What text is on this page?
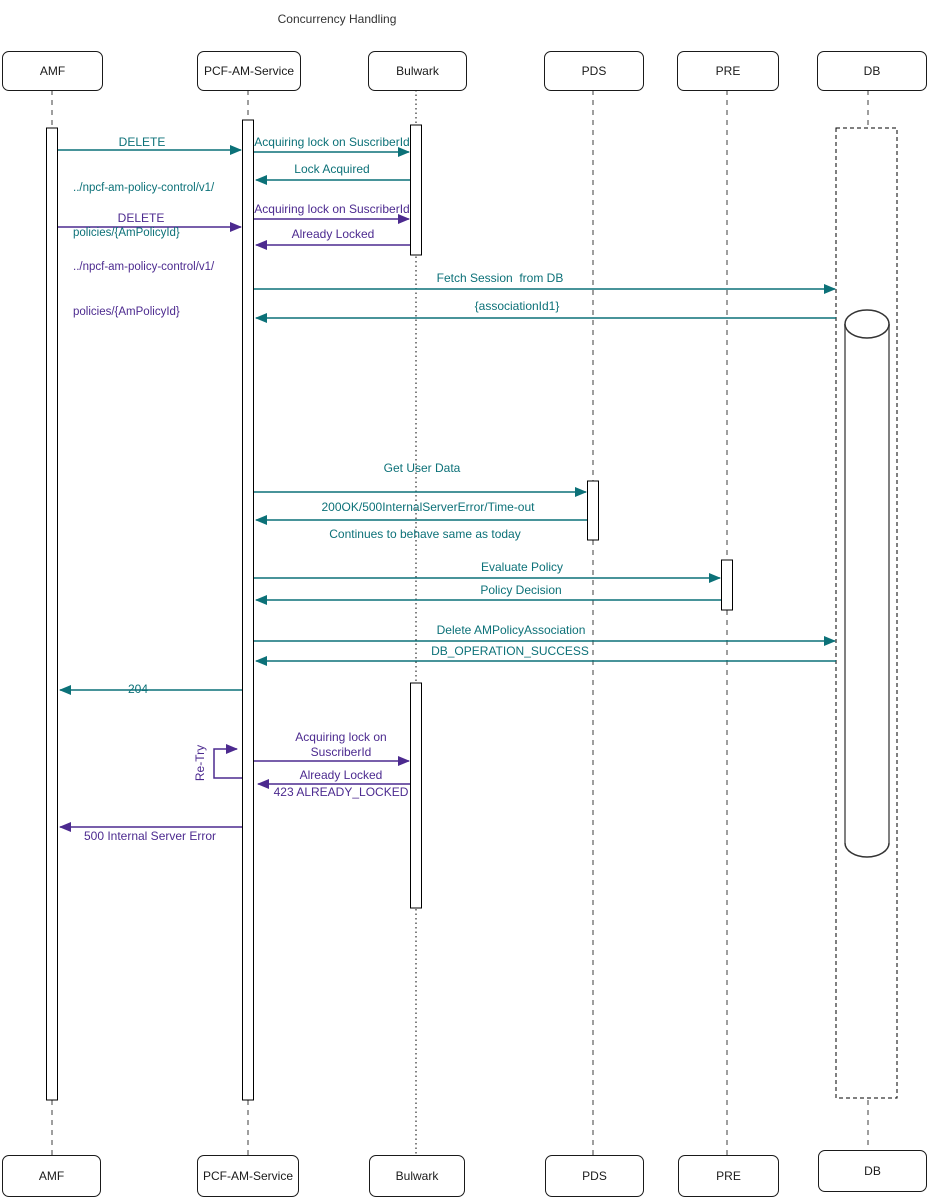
Concurrency Handling
AMF	PCF-AM-Service	Bulwark	PDS	PRE	DB
AMF	PCF-AM-Service	Bulwark	PDS	PRE	DB
DELETE

../npcf-am-policy-control/v1/

policies/{AmPolicyId}

Acquiring lock on SuscriberId
Lock Acquired
Acquiring lock on SuscriberId
DELETE

../npcf-am-policy-control/v1/

policies/{AmPolicyId}

Already Locked
Fetch Session  from DB
{associationId1}
Get User Data
200OK/500InternalServerError/Time-out
Continues to behave same as today
Evaluate Policy
Policy Decision
Delete AMPolicyAssociation
DB_OPERATION_SUCCESS
204
Re-Try
Acquiring lock on
SuscriberId
Already Locked
423 ALREADY_LOCKED
500 Internal Server Error
